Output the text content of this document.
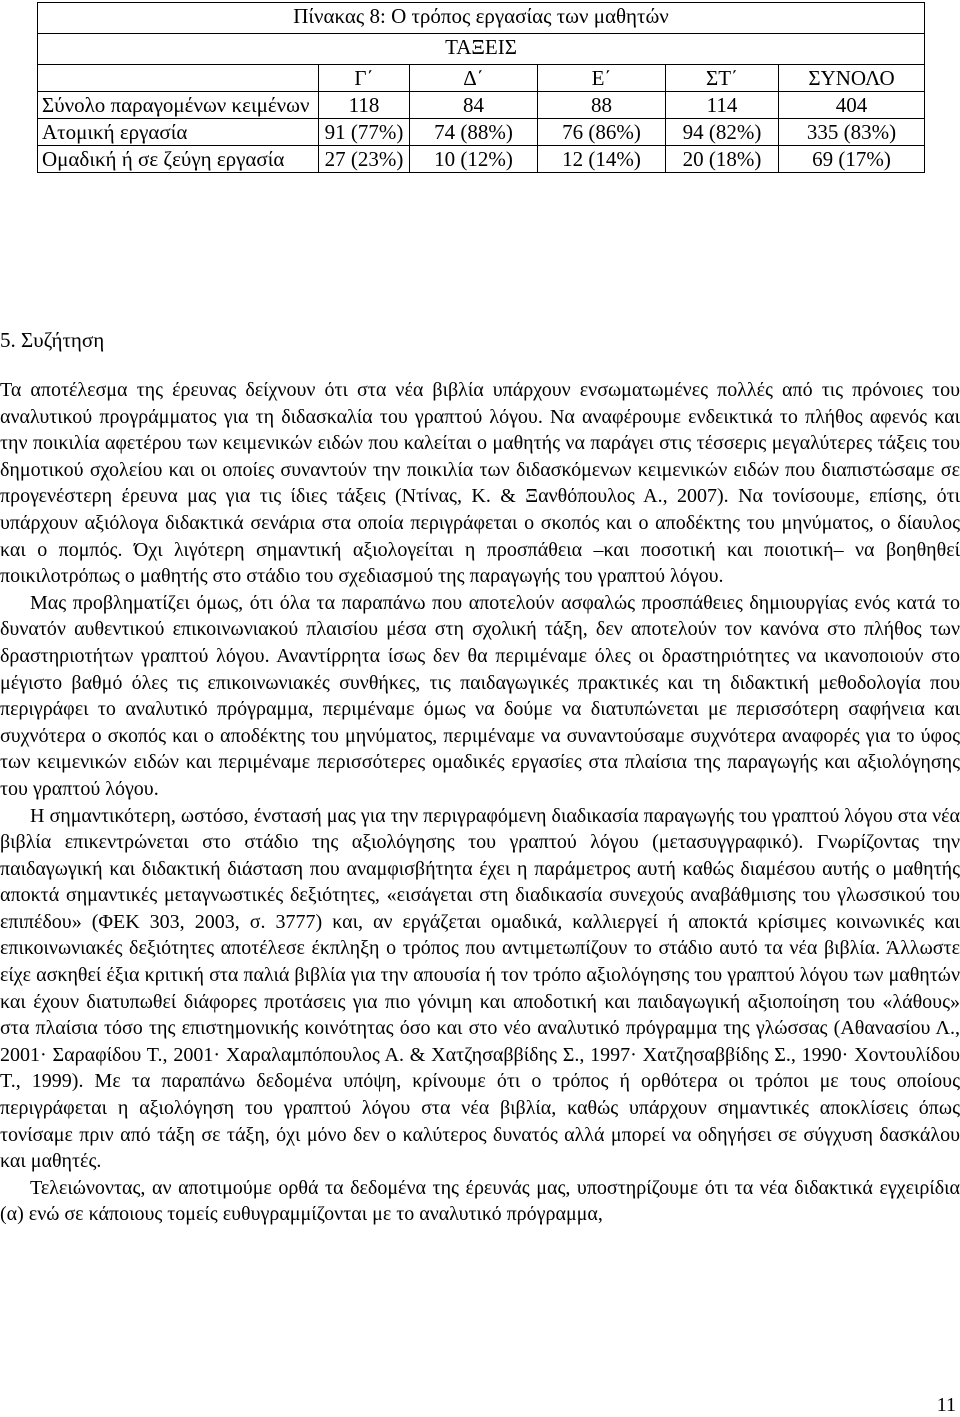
Πίνακας 8: Ο τρόπος εργασίας των μαθητών					
ΤΑΞΕΙΣ					
	Γ΄	Δ΄	Ε΄	ΣΤ΄	ΣΥΝΟΛΟ
Σύνολο παραγομένων κειμένων	118	84	88	114	404
Ατομική εργασία	91 (77%)	74 (88%)	76 (86%)	94 (82%)	335 (83%)
Ομαδική ή σε ζεύγη εργασία	27 (23%)	10 (12%)	12 (14%)	20 (18%)	69 (17%)
5. Συζήτηση

Τα αποτέλεσμα της έρευνας δείχνουν ότι στα νέα βιβλία υπάρχουν ενσωματωμένες πολλές από τις πρόνοιες του αναλυτικού προγράμματος για τη διδασκαλία του γραπτού λόγου. Να αναφέρουμε ενδεικτικά το πλήθος αφενός και την ποικιλία αφετέρου των κειμενικών ειδών που καλείται ο μαθητής να παράγει στις τέσσερις μεγαλύτερες τάξεις του δημοτικού σχολείου και οι οποίες συναντούν την ποικιλία των διδασκόμενων κειμενικών ειδών που διαπιστώσαμε σε προγενέστερη έρευνα μας για τις ίδιες τάξεις (Ντίνας, Κ. & Ξανθόπουλος Α., 2007). Να τονίσουμε, επίσης, ότι υπάρχουν αξιόλογα διδακτικά σενάρια στα οποία περιγράφεται ο σκοπός και ο αποδέκτης του μηνύματος, ο δίαυλος και ο πομπός. Όχι λιγότερη σημαντική αξιολογείται η προσπάθεια –και ποσοτική και ποιοτική– να βοηθηθεί ποικιλοτρόπως ο μαθητής στο στάδιο του σχεδιασμού της παραγωγής του γραπτού λόγου.

Μας προβληματίζει όμως, ότι όλα τα παραπάνω που αποτελούν ασφαλώς προσπάθειες δημιουργίας ενός κατά το δυνατόν αυθεντικού επικοινωνιακού πλαισίου μέσα στη σχολική τάξη, δεν αποτελούν τον κανόνα στο πλήθος των δραστηριοτήτων γραπτού λόγου. Αναντίρρητα ίσως δεν θα περιμέναμε όλες οι δραστηριότητες να ικανοποιούν στο μέγιστο βαθμό όλες τις επικοινωνιακές συνθήκες, τις παιδαγωγικές πρακτικές και τη διδακτική μεθοδολογία που περιγράφει το αναλυτικό πρόγραμμα, περιμέναμε όμως να δούμε να διατυπώνεται με περισσότερη σαφήνεια και συχνότερα ο σκοπός και ο αποδέκτης του μηνύματος, περιμέναμε να συναντούσαμε συχνότερα αναφορές για το ύφος των κειμενικών ειδών και περιμέναμε περισσότερες ομαδικές εργασίες στα πλαίσια της παραγωγής και αξιολόγησης του γραπτού λόγου.

Η σημαντικότερη, ωστόσο, ένστασή μας για την περιγραφόμενη διαδικασία παραγωγής του γραπτού λόγου στα νέα βιβλία επικεντρώνεται στο στάδιο της αξιολόγησης του γραπτού λόγου (μετασυγγραφικό). Γνωρίζοντας την παιδαγωγική και διδακτική διάσταση που αναμφισβήτητα έχει η παράμετρος αυτή καθώς διαμέσου αυτής ο μαθητής αποκτά σημαντικές μεταγνωστικές δεξιότητες, «εισάγεται στη διαδικασία συνεχούς αναβάθμισης του γλωσσικού του επιπέδου» (ΦΕΚ 303, 2003, σ. 3777) και, αν εργάζεται ομαδικά, καλλιεργεί ή αποκτά κρίσιμες κοινωνικές και επικοινωνιακές δεξιότητες αποτέλεσε έκπληξη ο τρόπος που αντιμετωπίζουν το στάδιο αυτό τα νέα βιβλία. Άλλωστε είχε ασκηθεί έξια κριτική στα παλιά βιβλία για την απουσία ή τον τρόπο αξιολόγησης του γραπτού λόγου των μαθητών και έχουν διατυπωθεί διάφορες προτάσεις για πιο γόνιμη και αποδοτική και παιδαγωγική αξιοποίηση του «λάθους» στα πλαίσια τόσο της επιστημονικής κοινότητας όσο και στο νέο αναλυτικό πρόγραμμα της γλώσσας (Αθανασίου Λ., 2001· Σαραφίδου Τ., 2001· Χαραλαμπόπουλος Α. & Χατζησαββίδης Σ., 1997· Χατζησαββίδης Σ., 1990· Χοντουλίδου Τ., 1999). Με τα παραπάνω δεδομένα υπόψη, κρίνουμε ότι ο τρόπος ή ορθότερα οι τρόποι με τους οποίους περιγράφεται η αξιολόγηση του γραπτού λόγου στα νέα βιβλία, καθώς υπάρχουν σημαντικές αποκλίσεις όπως τονίσαμε πριν από τάξη σε τάξη, όχι μόνο δεν ο καλύτερος δυνατός αλλά μπορεί να οδηγήσει σε σύγχυση δασκάλου και μαθητές.

Τελειώνοντας, αν αποτιμούμε ορθά τα δεδομένα της έρευνάς μας, υποστηρίζουμε ότι τα νέα διδακτικά εγχειρίδια (α) ενώ σε κάποιους τομείς ευθυγραμμίζονται με το αναλυτικό πρόγραμμα,

11
